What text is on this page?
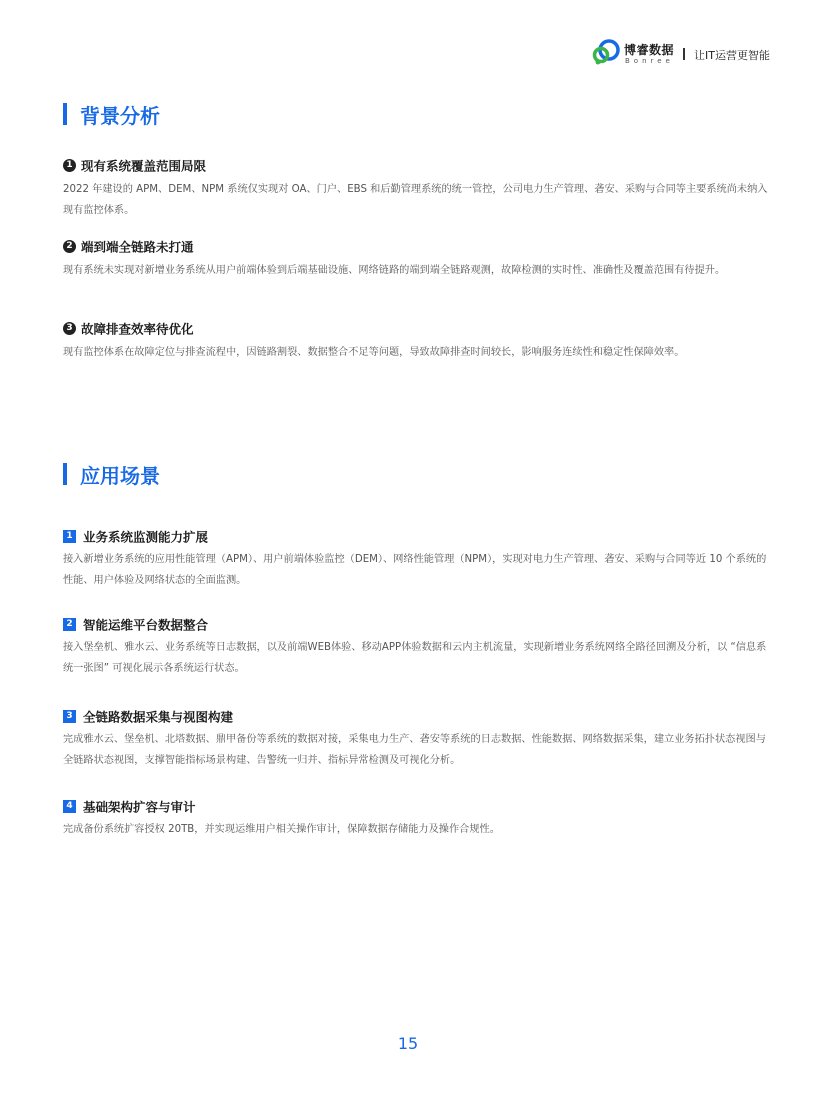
博睿数据
Bonree 让IT运营更智能
背景分析
1 现有系统覆盖范围局限

2022 年建设的 APM、DEM、NPM 系统仅实现对 OA、门户、EBS 和后勤管理系统的统一管控，公司电力生产管理、砻安、采购与合同等主要系统尚未纳入现有监控体系。

2 端到端全链路未打通

现有系统未实现对新增业务系统从用户前端体验到后端基础设施、网络链路的端到端全链路观测，故障检测的实时性、准确性及覆盖范围有待提升。

3 故障排查效率待优化

现有监控体系在故障定位与排查流程中，因链路割裂、数据整合不足等问题，导致故障排查时间较长，影响服务连续性和稳定性保障效率。

应用场景
1 业务系统监测能力扩展

接入新增业务系统的应用性能管理（APM）、用户前端体验监控（DEM）、网络性能管理（NPM），实现对电力生产管理、砻安、采购与合同等近 10 个系统的性能、用户体验及网络状态的全面监测。

2 智能运维平台数据整合

接入堡垒机、雅水云、业务系统等日志数据，以及前端WEB体验、移动APP体验数据和云内主机流量，实现新增业务系统网络全路径回溯及分析，以 “信息系统一张图” 可视化展示各系统运行状态。

3 全链路数据采集与视图构建

完成雅水云、堡垒机、北塔数据、鼎甲备份等系统的数据对接，采集电力生产、砻安等系统的日志数据、性能数据、网络数据采集，建立业务拓扑状态视图与全链路状态视图，支撑智能指标场景构建、告警统一归并、指标异常检测及可视化分析。

4 基础架构扩容与审计

完成备份系统扩容授权 20TB，并实现运维用户相关操作审计，保障数据存储能力及操作合规性。

15
